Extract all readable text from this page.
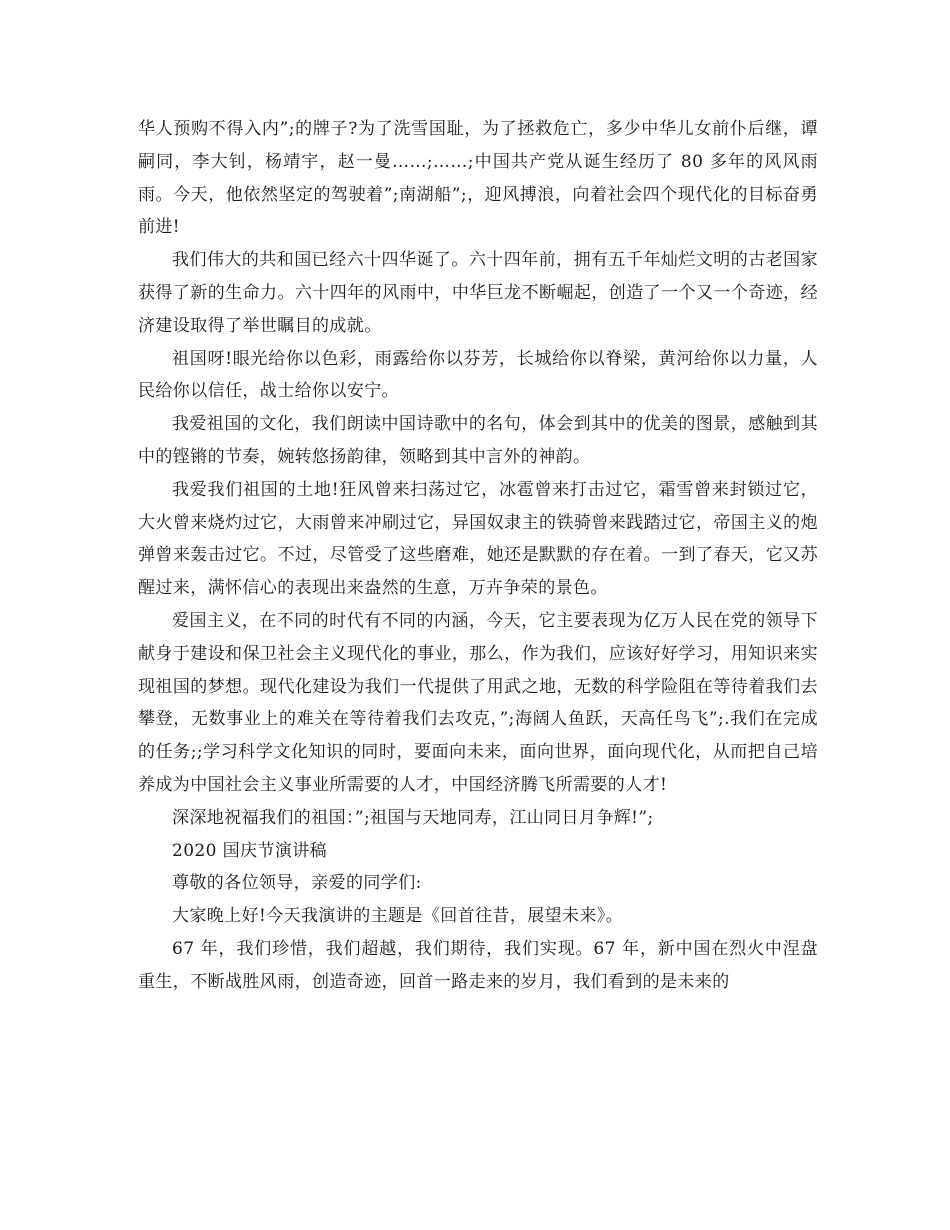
华人预购不得入内”;的牌子?为了洗雪国耻，为了拯救危亡，多少中华儿女前仆后继，谭嗣同，李大钊，杨靖宇，赵一曼……;……;中国共产党从诞生经历了 80 多年的风风雨雨。今天，他依然坚定的驾驶着”;南湖船”;，迎风搏浪，向着社会四个现代化的目标奋勇前进!

我们伟大的共和国已经六十四华诞了。六十四年前，拥有五千年灿烂文明的古老国家获得了新的生命力。六十四年的风雨中，中华巨龙不断崛起，创造了一个又一个奇迹，经济建设取得了举世瞩目的成就。

祖国呀!眼光给你以色彩，雨露给你以芬芳，长城给你以脊梁，黄河给你以力量，人民给你以信任，战士给你以安宁。

我爱祖国的文化，我们朗读中国诗歌中的名句，体会到其中的优美的图景，感触到其中的铿锵的节奏，婉转悠扬韵律，领略到其中言外的神韵。

我爱我们祖国的土地!狂风曾来扫荡过它，冰雹曾来打击过它，霜雪曾来封锁过它，大火曾来烧灼过它，大雨曾来冲刷过它，异国奴隶主的铁骑曾来践踏过它，帝国主义的炮弹曾来轰击过它。不过，尽管受了这些磨难，她还是默默的存在着。一到了春天，它又苏醒过来，满怀信心的表现出来盎然的生意，万卉争荣的景色。

爱国主义，在不同的时代有不同的内涵，今天，它主要表现为亿万人民在党的领导下献身于建设和保卫社会主义现代化的事业，那么，作为我们，应该好好学习，用知识来实现祖国的梦想。现代化建设为我们一代提供了用武之地，无数的科学险阻在等待着我们去攀登，无数事业上的难关在等待着我们去攻克，”;海阔人鱼跃，天高任鸟飞”;.我们在完成的任务;;学习科学文化知识的同时，要面向未来，面向世界，面向现代化，从而把自己培养成为中国社会主义事业所需要的人才，中国经济腾飞所需要的人才!

深深地祝福我们的祖国：”;祖国与天地同寿，江山同日月争辉!”;

2020 国庆节演讲稿

尊敬的各位领导，亲爱的同学们:

大家晚上好!今天我演讲的主题是《回首往昔，展望未来》。

67 年，我们珍惜，我们超越，我们期待，我们实现。67 年，新中国在烈火中涅盘重生，不断战胜风雨，创造奇迹，回首一路走来的岁月，我们看到的是未来的
